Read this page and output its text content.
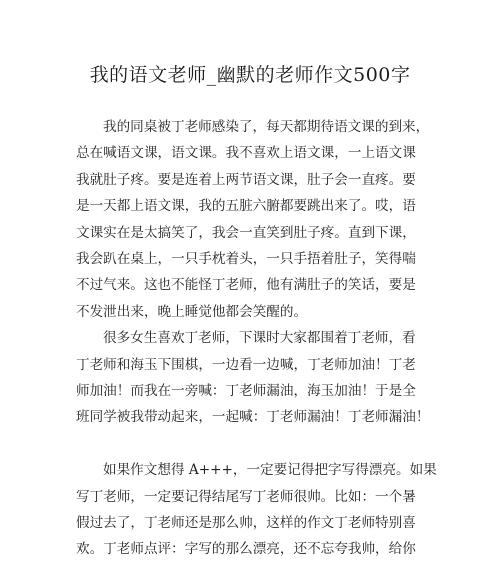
我的语文老师_幽默的老师作文500字

我的同桌被丁老师感染了，每天都期待语文课的到来，
总在喊语文课，语文课。我不喜欢上语文课，一上语文课
我就肚子疼。要是连着上两节语文课，肚子会一直疼。要
是一天都上语文课，我的五脏六腑都要跳出来了。哎，语
文课实在是太搞笑了，我会一直笑到肚子疼。直到下课，
我会趴在桌上，一只手枕着头，一只手捂着肚子，笑得喘
不过气来。这也不能怪丁老师，他有满肚子的笑话，要是
不发泄出来，晚上睡觉他都会笑醒的。

很多女生喜欢丁老师，下课时大家都围着丁老师，看
丁老师和海玉下围棋，一边看一边喊，丁老师加油！丁老
师加油！而我在一旁喊：丁老师漏油，海玉加油！于是全
班同学被我带动起来，一起喊：丁老师漏油！丁老师漏油！

如果作文想得 A+++，一定要记得把字写得漂亮。如果
写丁老师，一定要记得结尾写丁老师很帅。比如：一个暑
假过去了，丁老师还是那么帅，这样的作文丁老师特别喜
欢。丁老师点评：字写的那么漂亮，还不忘夸我帅，给你
